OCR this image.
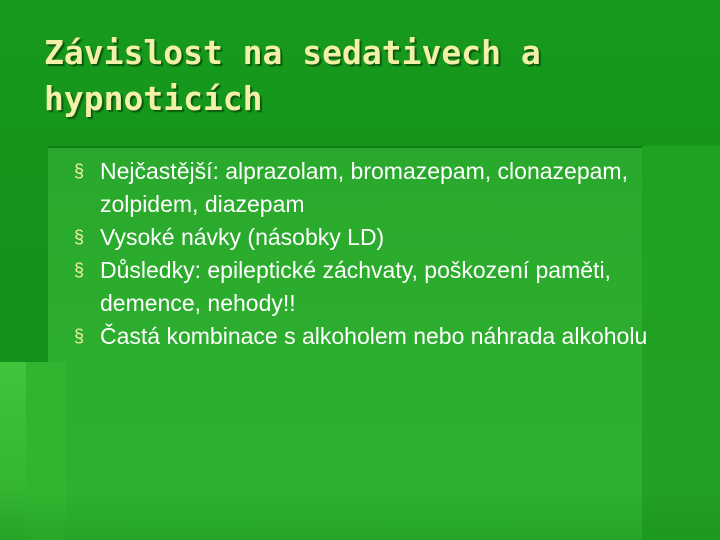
Závislost na sedativech a hypnoticích
§ Nejčastější: alprazolam, bromazepam, clonazepam, zolpidem, diazepam
§ Vysoké návky (násobky LD)
§ Důsledky: epileptické záchvaty, poškození paměti, demence, nehody!!
§ Častá kombinace s alkoholem nebo náhrada alkoholu
